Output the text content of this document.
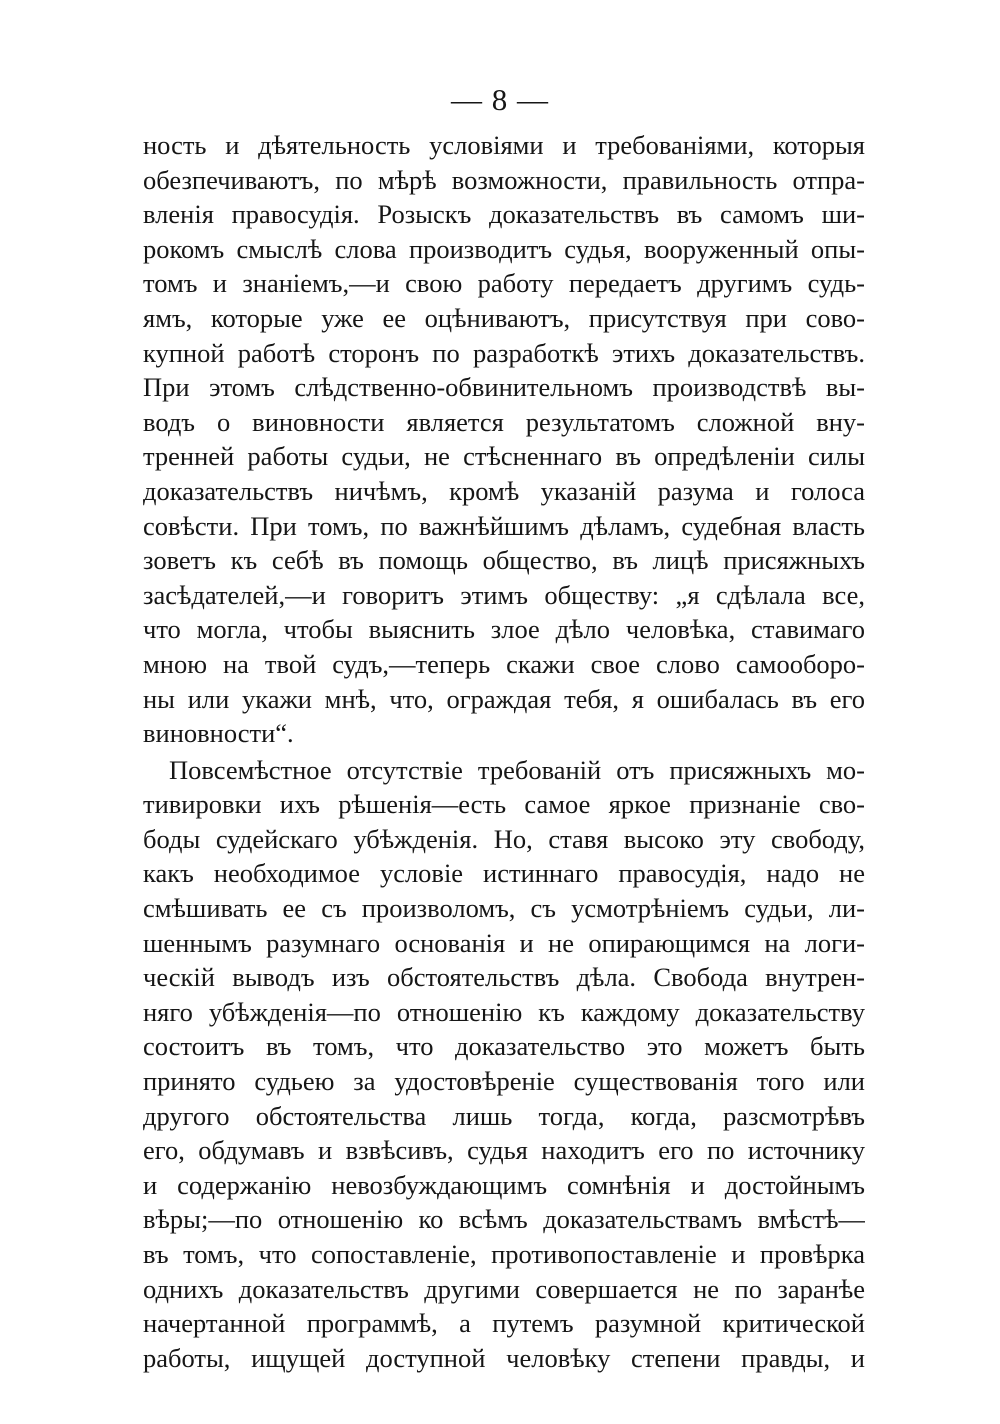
— 8 —
ность и дѣятельность условіями и требованіями, которыя
обезпечиваютъ, по мѣрѣ возможности, правильность отпра-
вленія правосудія. Розыскъ доказательствъ въ самомъ ши-
рокомъ смыслѣ слова производитъ судья, вооруженный опы-
томъ и знаніемъ,—и свою работу передаетъ другимъ судь-
ямъ, которые уже ее оцѣниваютъ, присутствуя при сово-
купной работѣ сторонъ по разработкѣ этихъ доказательствъ.
При этомъ слѣдственно-обвинительномъ производствѣ вы-
водъ о виновности является результатомъ сложной вну-
тренней работы судьи, не стѣсненнаго въ опредѣленіи силы
доказательствъ ничѣмъ, кромѣ указаній разума и голоса
совѣсти. При томъ, по важнѣйшимъ дѣламъ, судебная власть
зоветъ къ себѣ въ помощь общество, въ лицѣ присяжныхъ
засѣдателей,—и говоритъ этимъ обществу: „я сдѣлала все,
что могла, чтобы выяснить злое дѣло человѣка, ставимаго
мною на твой судъ,—теперь скажи свое слово самооборо-
ны или укажи мнѣ, что, ограждая тебя, я ошибалась въ его
виновности“.
Повсемѣстное отсутствіе требованій отъ присяжныхъ мо-
тивировки ихъ рѣшенія—есть самое яркое признаніе сво-
боды судейскаго убѣжденія. Но, ставя высоко эту свободу,
какъ необходимое условіе истиннаго правосудія, надо не
смѣшивать ее съ произволомъ, съ усмотрѣніемъ судьи, ли-
шеннымъ разумнаго основанія и не опирающимся на логи-
ческій выводъ изъ обстоятельствъ дѣла. Свобода внутрен-
няго убѣжденія—по отношенію къ каждому доказательству
состоитъ въ томъ, что доказательство это можетъ быть
принято судьею за удостовѣреніе существованія того или
другого обстоятельства лишь тогда, когда, разсмотрѣвъ
его, обдумавъ и взвѣсивъ, судья находитъ его по источнику
и содержанію невозбуждающимъ сомнѣнія и достойнымъ
вѣры;—по отношенію ко всѣмъ доказательствамъ вмѣстѣ—
въ томъ, что сопоставленіе, противопоставленіе и провѣрка
однихъ доказательствъ другими совершается не по заранѣе
начертанной программѣ, а путемъ разумной критической
работы, ищущей доступной человѣку степени правды, и
